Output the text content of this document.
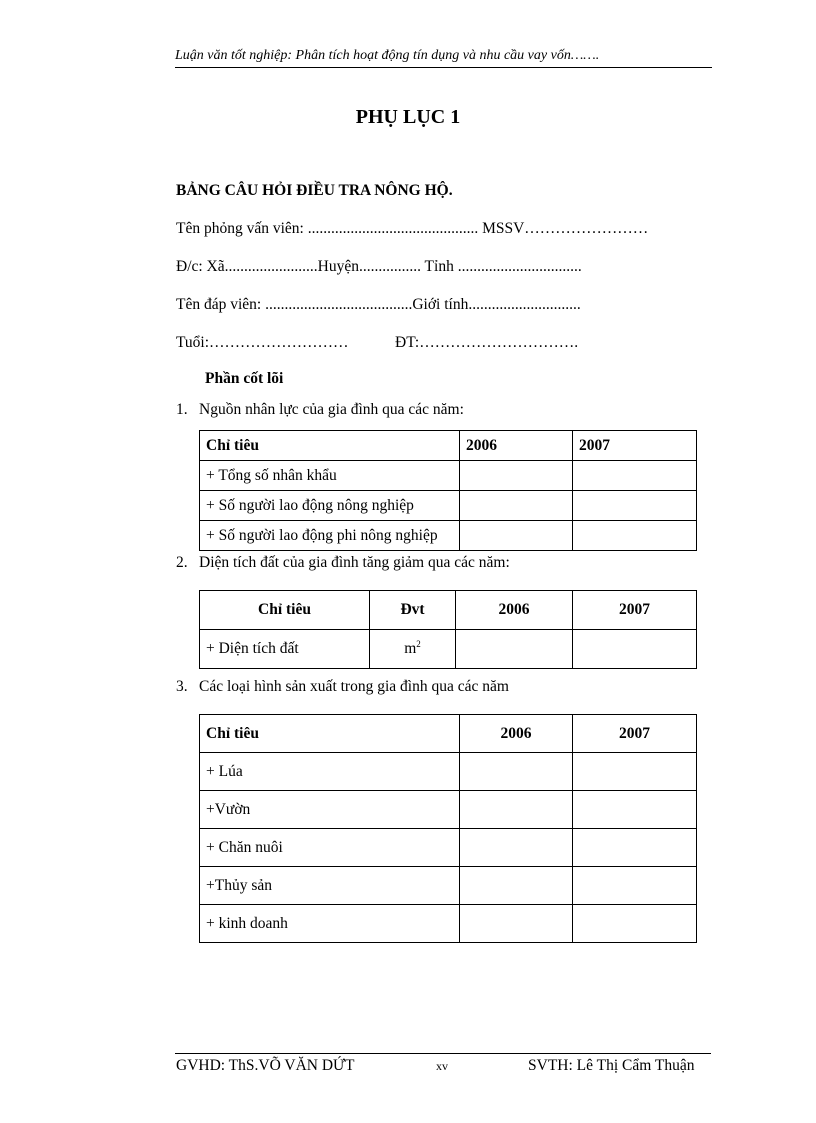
Luận văn tốt nghiệp: Phân tích hoạt động tín dụng và nhu cầu vay vốn…….
PHỤ LỤC 1
BẢNG CÂU HỎI ĐIỀU TRA NÔNG HỘ.
Tên phỏng vấn viên: ............................................ MSSV……………………
Đ/c: Xã........................Huyện................ Tỉnh ................................
Tên đáp viên: ......................................Giới tính.............................
Tuổi:………………………            ĐT:………………………….
Phần cốt lõi
1. Nguồn nhân lực của gia đình qua các năm:
Chỉ tiêu	2006	2007
+ Tổng số nhân khẩu		
+ Số người lao động nông nghiệp		
+ Số người lao động phi nông nghiệp		
2. Diện tích đất của gia đình tăng giảm qua các năm:
Chỉ tiêu	Đvt	2006	2007
+ Diện tích đất	$m^2$		
3. Các loại hình sản xuất trong gia đình qua các năm
Chỉ tiêu	2006	2007
+ Lúa		
+Vườn		
+ Chăn nuôi		
+Thủy sản		
+ kinh doanh		
GVHD: ThS.VÕ VĂN DỨT	xv	SVTH: Lê Thị Cẩm Thuận
